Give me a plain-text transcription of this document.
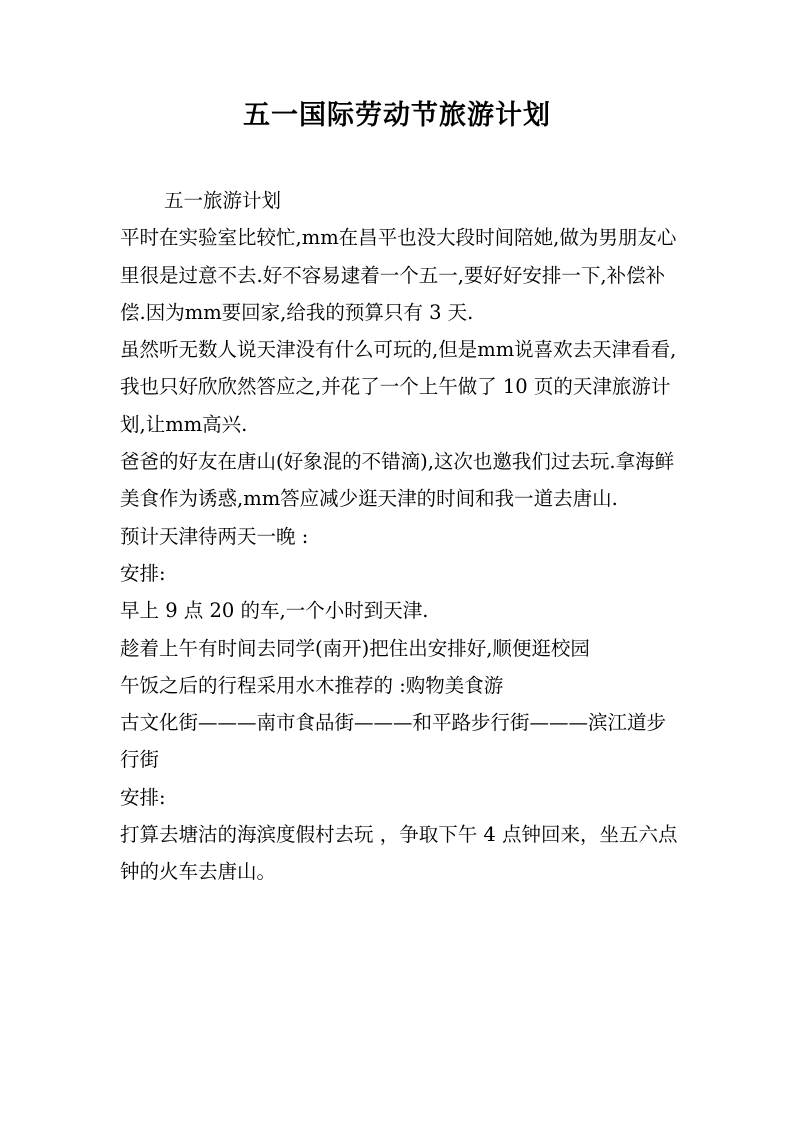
五一国际劳动节旅游计划

五一旅游计划

平时在实验室比较忙,mm在昌平也没大段时间陪她,做为男朋友心里很是过意不去.好不容易逮着一个五一,要好好安排一下,补偿补偿.因为mm要回家,给我的预算只有 3 天.

虽然听无数人说天津没有什么可玩的,但是mm说喜欢去天津看看,我也只好欣欣然答应之,并花了一个上午做了 10 页的天津旅游计划,让mm高兴.

爸爸的好友在唐山(好象混的不错滴),这次也邀我们过去玩.拿海鲜美食作为诱惑,mm答应减少逛天津的时间和我一道去唐山.

预计天津待两天一晚 :

安排:

早上 9 点 20 的车,一个小时到天津.

趁着上午有时间去同学(南开)把住出安排好,顺便逛校园

午饭之后的行程采用水木推荐的 :购物美食游

古文化街———南市食品街———和平路步行街———滨江道步行街

安排:

打算去塘沽的海滨度假村去玩 ，争取下午 4 点钟回来，坐五六点钟的火车去唐山。
